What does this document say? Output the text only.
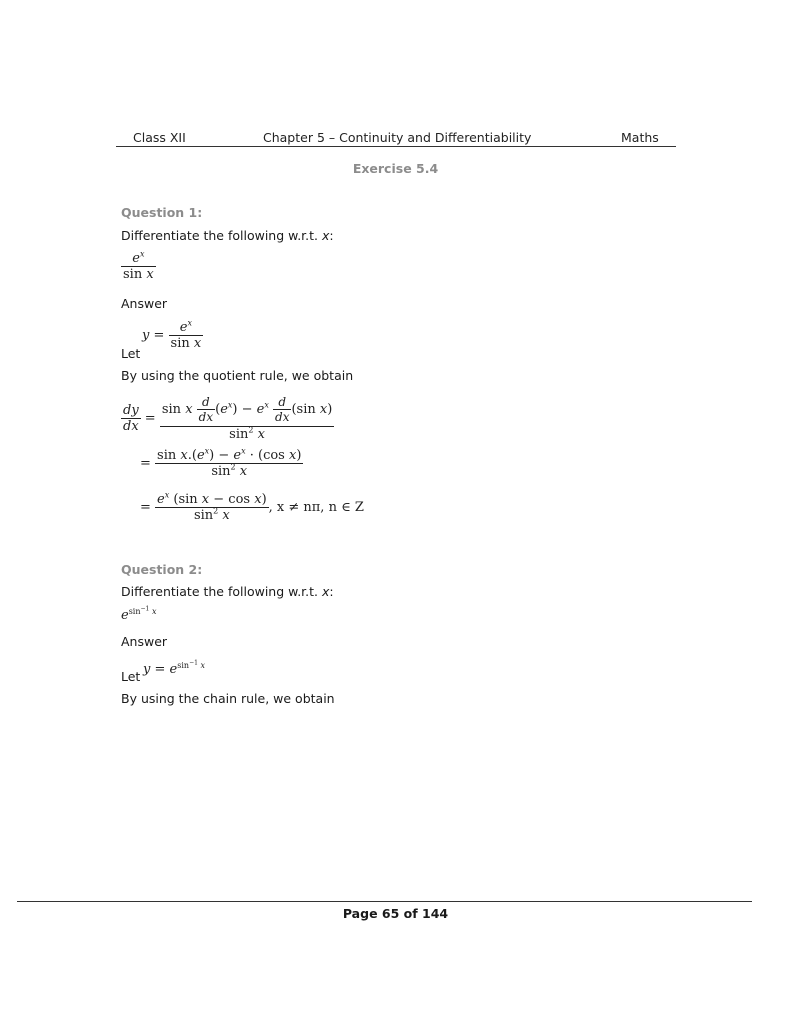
Class XII	Chapter 5 – Continuity and Differentiability	Maths
Exercise 5.4
Question 1:
Differentiate the following w.r.t. x:
$\frac{e^x}{\text{sin x}}$
Answer
Let
$y = \frac{e^x}{\text{sin x}}$
By using the quotient rule, we obtain
$\frac{dy}{dx} = \frac{\sin x \frac{d}{dx} (e^x) - e^x \frac{d}{dx} (\sin x)}{\sin^2 x}$
= $\frac{\sin x.(e^x) - e^x \cdot (\cos x)}{\sin^2 x}$
= $\frac{e^x (\sin x - \cos x)}{\sin^2 x}$ , x ≠ nπ, n ∈ Z
Question 2:
Differentiate the following w.r.t. x:
$e^{sin^{-1} x}$
Answer
Let $y = e^{sin^{-1} x}$
By using the chain rule, we obtain
Page 65 of 144
